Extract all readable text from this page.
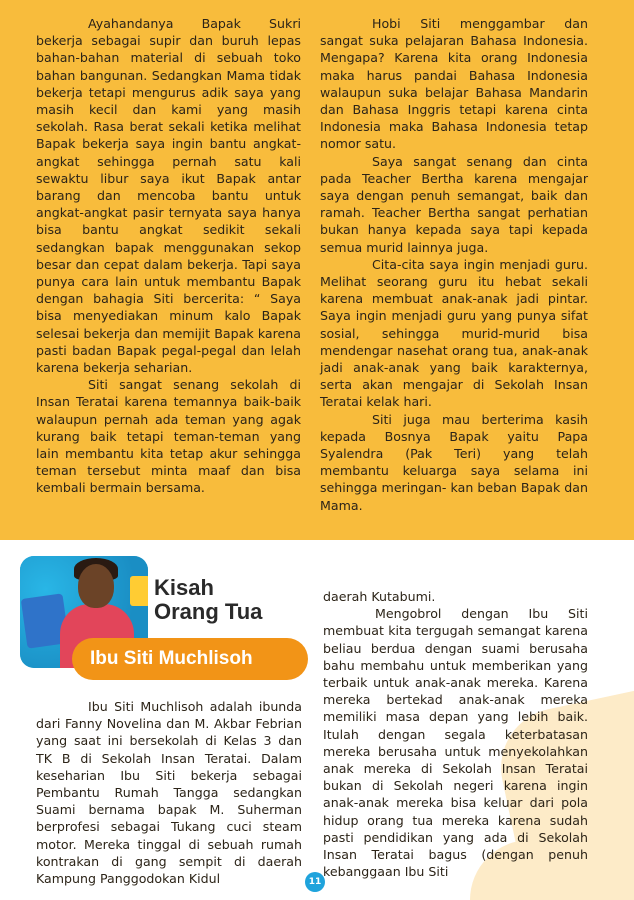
Ayahandanya Bapak Sukri bekerja sebagai supir dan buruh lepas bahan-bahan material di sebuah toko bahan bangunan. Sedangkan Mama tidak bekerja tetapi mengurus adik saya yang masih kecil dan kami yang masih sekolah. Rasa berat sekali ketika melihat Bapak bekerja saya ingin bantu angkat-angkat sehingga pernah satu kali sewaktu libur saya ikut Bapak antar barang dan mencoba bantu untuk angkat-angkat pasir ternyata saya hanya bisa bantu angkat sedikit sekali sedangkan bapak menggunakan sekop besar dan cepat dalam bekerja. Tapi saya punya cara lain untuk membantu Bapak dengan bahagia Siti bercerita: “ Saya bisa menyediakan minum kalo Bapak selesai bekerja dan memijit Bapak karena pasti badan Bapak pegal-pegal dan lelah karena bekerja seharian.

Siti sangat senang sekolah di Insan Teratai karena temannya baik-baik walaupun pernah ada teman yang agak kurang baik tetapi teman-teman yang lain membantu kita tetap akur sehingga teman tersebut minta maaf dan bisa kembali bermain bersama.

Hobi Siti menggambar dan sangat suka pelajaran Bahasa Indonesia. Mengapa? Karena kita orang Indonesia maka harus pandai Bahasa Indonesia walaupun suka belajar Bahasa Mandarin dan Bahasa Inggris tetapi karena cinta Indonesia maka Bahasa Indonesia tetap nomor satu.

Saya sangat senang dan cinta pada Teacher Bertha karena mengajar saya dengan penuh semangat, baik dan ramah. Teacher Bertha sangat perhatian bukan hanya kepada saya tapi kepada semua murid lainnya juga.

Cita-cita saya ingin menjadi guru. Melihat seorang guru itu hebat sekali karena membuat anak-anak jadi pintar. Saya ingin menjadi guru yang punya sifat sosial, sehingga murid-murid bisa mendengar nasehat orang tua, anak-anak jadi anak-anak yang baik karakternya, serta akan mengajar di Sekolah Insan Teratai kelak hari.

Siti juga mau berterima kasih kepada Bosnya Bapak yaitu Papa Syalendra (Pak Teri) yang telah membantu keluarga saya selama ini sehingga meringan- kan beban Bapak dan Mama.

Kisah
Orang Tua
Ibu Siti Muchlisoh

Ibu Siti Muchlisoh adalah ibunda dari Fanny Novelina dan M. Akbar Febrian yang saat ini bersekolah di Kelas 3 dan TK B di Sekolah Insan Teratai. Dalam keseharian Ibu Siti bekerja sebagai Pembantu Rumah Tangga sedangkan Suami bernama bapak M. Suherman berprofesi sebagai Tukang cuci steam motor. Mereka tinggal di sebuah rumah kontrakan di gang sempit di daerah Kampung Panggodokan Kidul

daerah Kutabumi.

Mengobrol dengan Ibu Siti membuat kita tergugah semangat karena beliau berdua dengan suami berusaha bahu membahu untuk memberikan yang terbaik untuk anak-anak mereka. Karena mereka bertekad anak-anak mereka memiliki masa depan yang lebih baik. Itulah dengan segala keterbatasan mereka berusaha untuk menyekolahkan anak mereka di Sekolah Insan Teratai bukan di Sekolah negeri karena ingin anak-anak mereka bisa keluar dari pola hidup orang tua mereka karena sudah pasti pendidikan yang ada di Sekolah Insan Teratai bagus (dengan penuh kebanggaan Ibu Siti

11
